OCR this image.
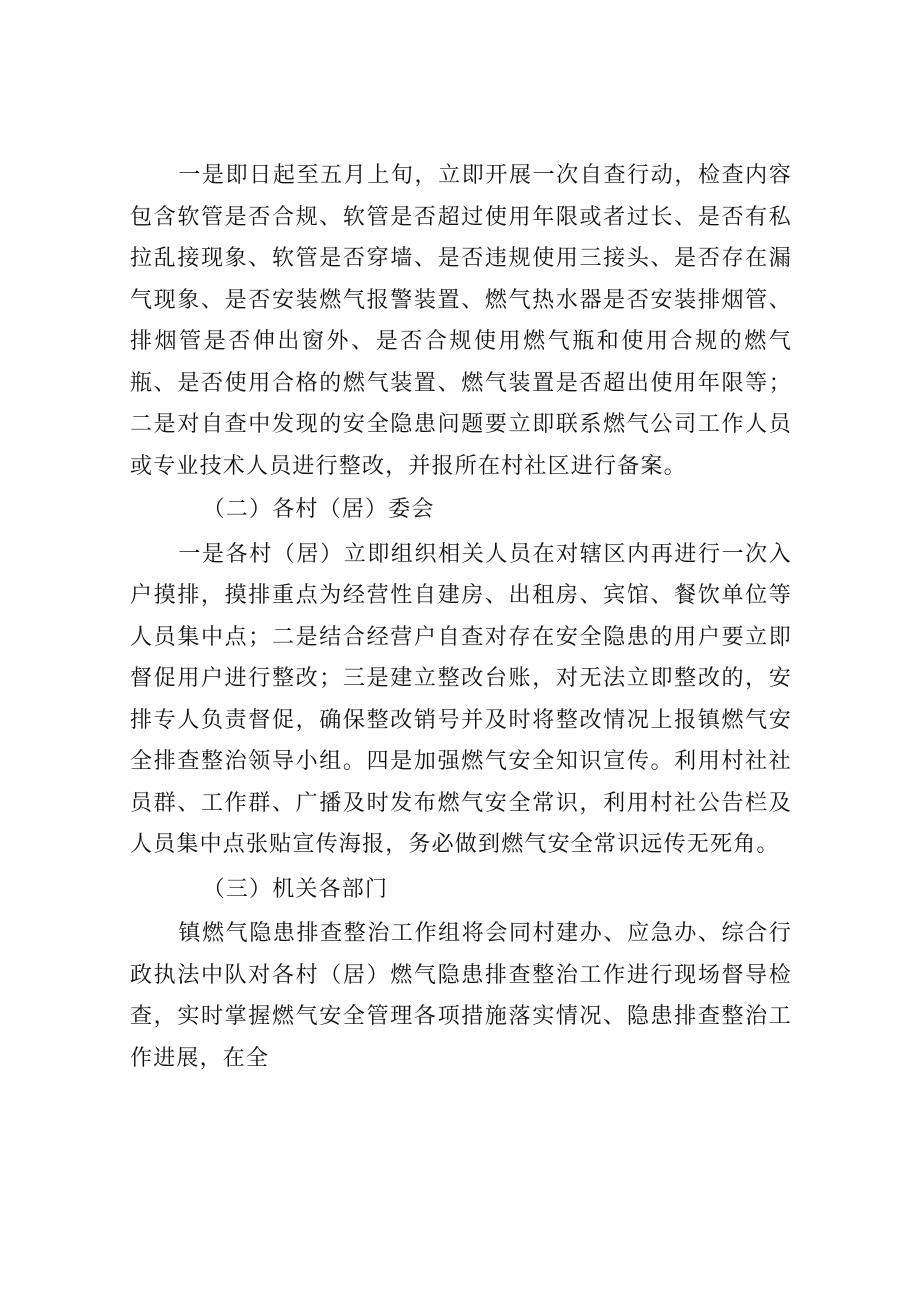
一是即日起至五月上旬，立即开展一次自查行动，检查内容包含软管是否合规、软管是否超过使用年限或者过长、是否有私拉乱接现象、软管是否穿墙、是否违规使用三接头、是否存在漏气现象、是否安装燃气报警装置、燃气热水器是否安装排烟管、排烟管是否伸出窗外、是否合规使用燃气瓶和使用合规的燃气瓶、是否使用合格的燃气装置、燃气装置是否超出使用年限等；二是对自查中发现的安全隐患问题要立即联系燃气公司工作人员或专业技术人员进行整改，并报所在村社区进行备案。

（二）各村（居）委会

一是各村（居）立即组织相关人员在对辖区内再进行一次入户摸排，摸排重点为经营性自建房、出租房、宾馆、餐饮单位等人员集中点；二是结合经营户自查对存在安全隐患的用户要立即督促用户进行整改；三是建立整改台账，对无法立即整改的，安排专人负责督促，确保整改销号并及时将整改情况上报镇燃气安全排查整治领导小组。四是加强燃气安全知识宣传。利用村社社员群、工作群、广播及时发布燃气安全常识，利用村社公告栏及人员集中点张贴宣传海报，务必做到燃气安全常识远传无死角。

（三）机关各部门

镇燃气隐患排查整治工作组将会同村建办、应急办、综合行政执法中队对各村（居）燃气隐患排查整治工作进行现场督导检查，实时掌握燃气安全管理各项措施落实情况、隐患排查整治工作进展，在全
